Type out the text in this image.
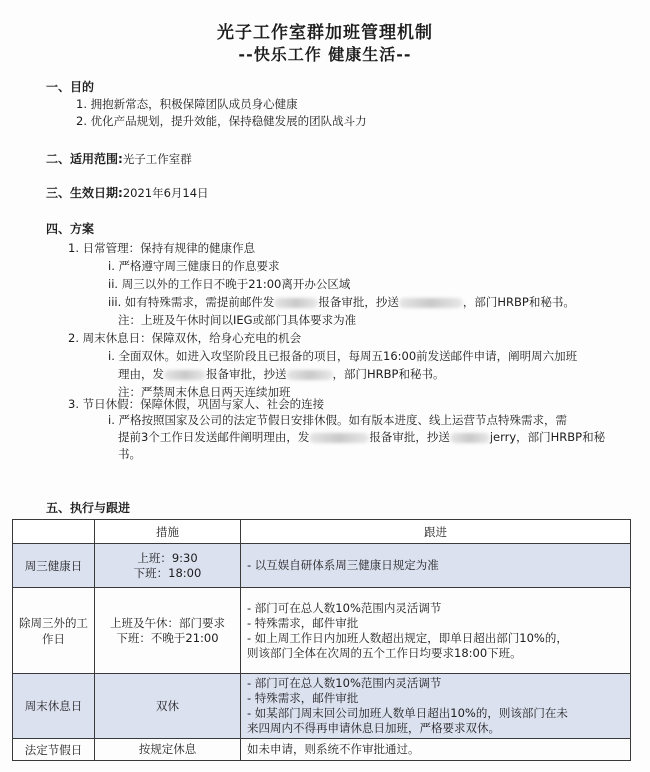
光子工作室群加班管理机制
--快乐工作 健康生活--
一、目的
1. 拥抱新常态，积极保障团队成员身心健康
2. 优化产品规划，提升效能，保持稳健发展的团队战斗力
二、适用范围:光子工作室群
三、生效日期:2021年6月14日
四、方案
1. 日常管理：保持有规律的健康作息
i. 严格遵守周三健康日的作息要求
ii. 周三以外的工作日不晚于21:00离开办公区域
iii. 如有特殊需求，需提前邮件发	报备审批，抄送	，部门HRBP和秘书。
注：上班及午休时间以IEG或部门具体要求为准
2. 周末休息日：保障双休，给身心充电的机会
i. 全面双休。如进入攻坚阶段且已报备的项目，每周五16:00前发送邮件申请，阐明周六加班
理由，发	报备审批，抄送	，部门HRBP和秘书。
注：严禁周末休息日两天连续加班
3. 节日休假：保障休假，巩固与家人、社会的连接
i. 严格按照国家及公司的法定节假日安排休假。如有版本进度、线上运营节点特殊需求，需
提前3个工作日发送邮件阐明理由，发	报备审批，抄送	jerry，部门HRBP和秘
书。
五、执行与跟进
	措施	跟进
周三健康日	上班：9:30
下班：18:00	- 以互娱自研体系周三健康日规定为准

除周三外的工作日	上班及午休：部门要求
下班：不晚于21:00	- 部门可在总人数10%范围内灵活调节
- 特殊需求，邮件审批
- 如上周工作日内加班人数超出规定，即单日超出部门10%的，
则该部门全体在次周的五个工作日均要求18:00下班。

周末休息日	双休	- 部门可在总人数10%范围内灵活调节
- 特殊需求，邮件审批
- 如某部门周末回公司加班人数单日超出10%的，则该部门在未
来四周内不得再申请休息日加班，严格要求双休。

法定节假日	按规定休息	如未申请，则系统不作审批通过。
